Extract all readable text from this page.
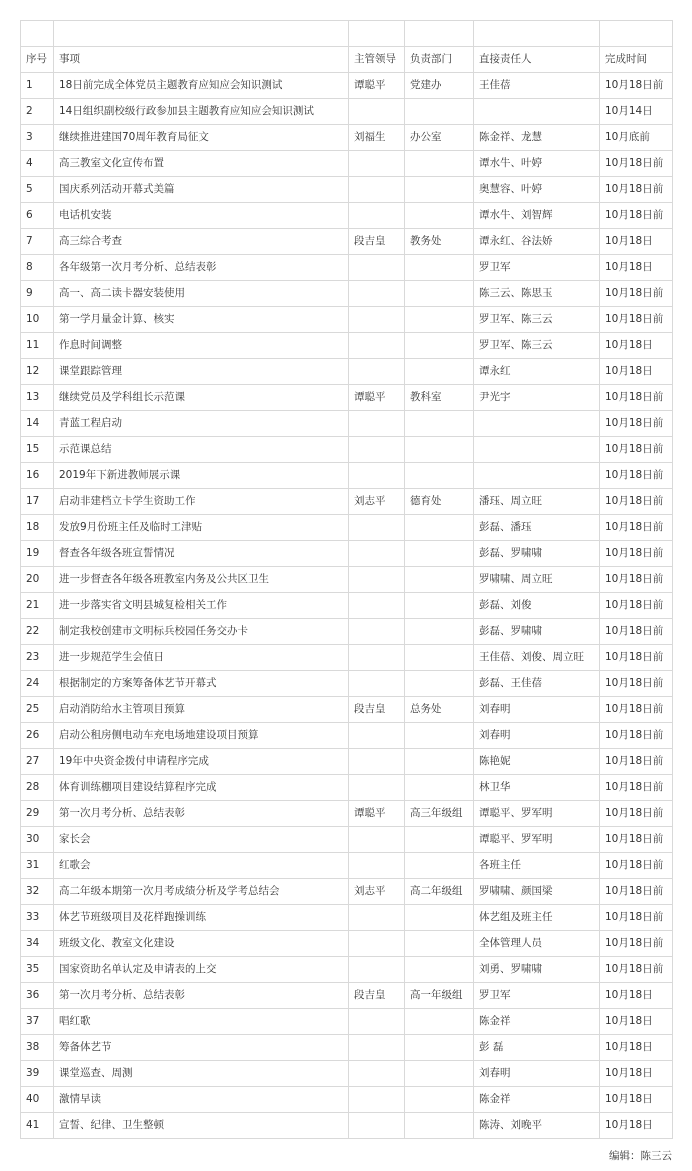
序号	事项	主管领导	负责部门	直接责任人	完成时间
1	18日前完成全体党员主题教育应知应会知识测试	谭聪平	党建办	王佳蓓	10月18日前
2	14日组织副校级行政参加县主题教育应知应会知识测试				10月14日
3	继续推进建国70周年教育局征文	刘福生	办公室	陈金祥、龙慧	10月底前
4	高三教室文化宣传布置			谭水牛、叶婷	10月18日前
5	国庆系列活动开幕式美篇			奥慧容、叶婷	10月18日前
6	电话机安装			谭水牛、刘智辉	10月18日前
7	高三综合考查	段吉皇	教务处	谭永红、谷法娇	10月18日
8	各年级第一次月考分析、总结表彰			罗卫军	10月18日
9	高一、高二读卡器安装使用			陈三云、陈思玉	10月18日前
10	第一学月量金计算、核实			罗卫军、陈三云	10月18日前
11	作息时间调整			罗卫军、陈三云	10月18日
12	课堂跟踪管理			谭永红	10月18日
13	继续党员及学科组长示范课	谭聪平	教科室	尹光宇	10月18日前
14	青蓝工程启动				10月18日前
15	示范课总结				10月18日前
16	2019年下新进教师展示课				10月18日前
17	启动非建档立卡学生资助工作	刘志平	德育处	潘珏、周立旺	10月18日前
18	发放9月份班主任及临时工津贴			彭磊、潘珏	10月18日前
19	督查各年级各班宣誓情况			彭磊、罗啸啸	10月18日前
20	进一步督查各年级各班教室内务及公共区卫生			罗啸啸、周立旺	10月18日前
21	进一步落实省文明县城复检相关工作			彭磊、刘俊	10月18日前
22	制定我校创建市文明标兵校园任务交办卡			彭磊、罗啸啸	10月18日前
23	进一步规范学生会值日			王佳蓓、刘俊、周立旺	10月18日前
24	根据制定的方案筹备体艺节开幕式			彭磊、王佳蓓	10月18日前
25	启动消防给水主管项目预算	段吉皇	总务处	刘春明	10月18日前
26	启动公租房侧电动车充电场地建设项目预算			刘春明	10月18日前
27	19年中央资金拨付申请程序完成			陈艳妮	10月18日前
28	体育训练棚项目建设结算程序完成			林卫华	10月18日前
29	第一次月考分析、总结表彰	谭聪平	高三年级组	谭聪平、罗军明	10月18日前
30	家长会			谭聪平、罗军明	10月18日前
31	红歌会			各班主任	10月18日前
32	高二年级本期第一次月考成绩分析及学考总结会	刘志平	高二年级组	罗啸啸、颜国梁	10月18日前
33	体艺节班级项目及花样跑操训练			体艺组及班主任	10月18日前
34	班级文化、教室文化建设			全体管理人员	10月18日前
35	国家资助名单认定及申请表的上交			刘勇、罗啸啸	10月18日前
36	第一次月考分析、总结表彰	段吉皇	高一年级组	罗卫军	10月18日
37	唱红歌			陈金祥	10月18日
38	筹备体艺节			彭 磊	10月18日
39	课堂巡查、周测			刘春明	10月18日
40	激情早读			陈金祥	10月18日
41	宣誓、纪律、卫生整顿			陈涛、刘晚平	10月18日
编辑：陈三云
